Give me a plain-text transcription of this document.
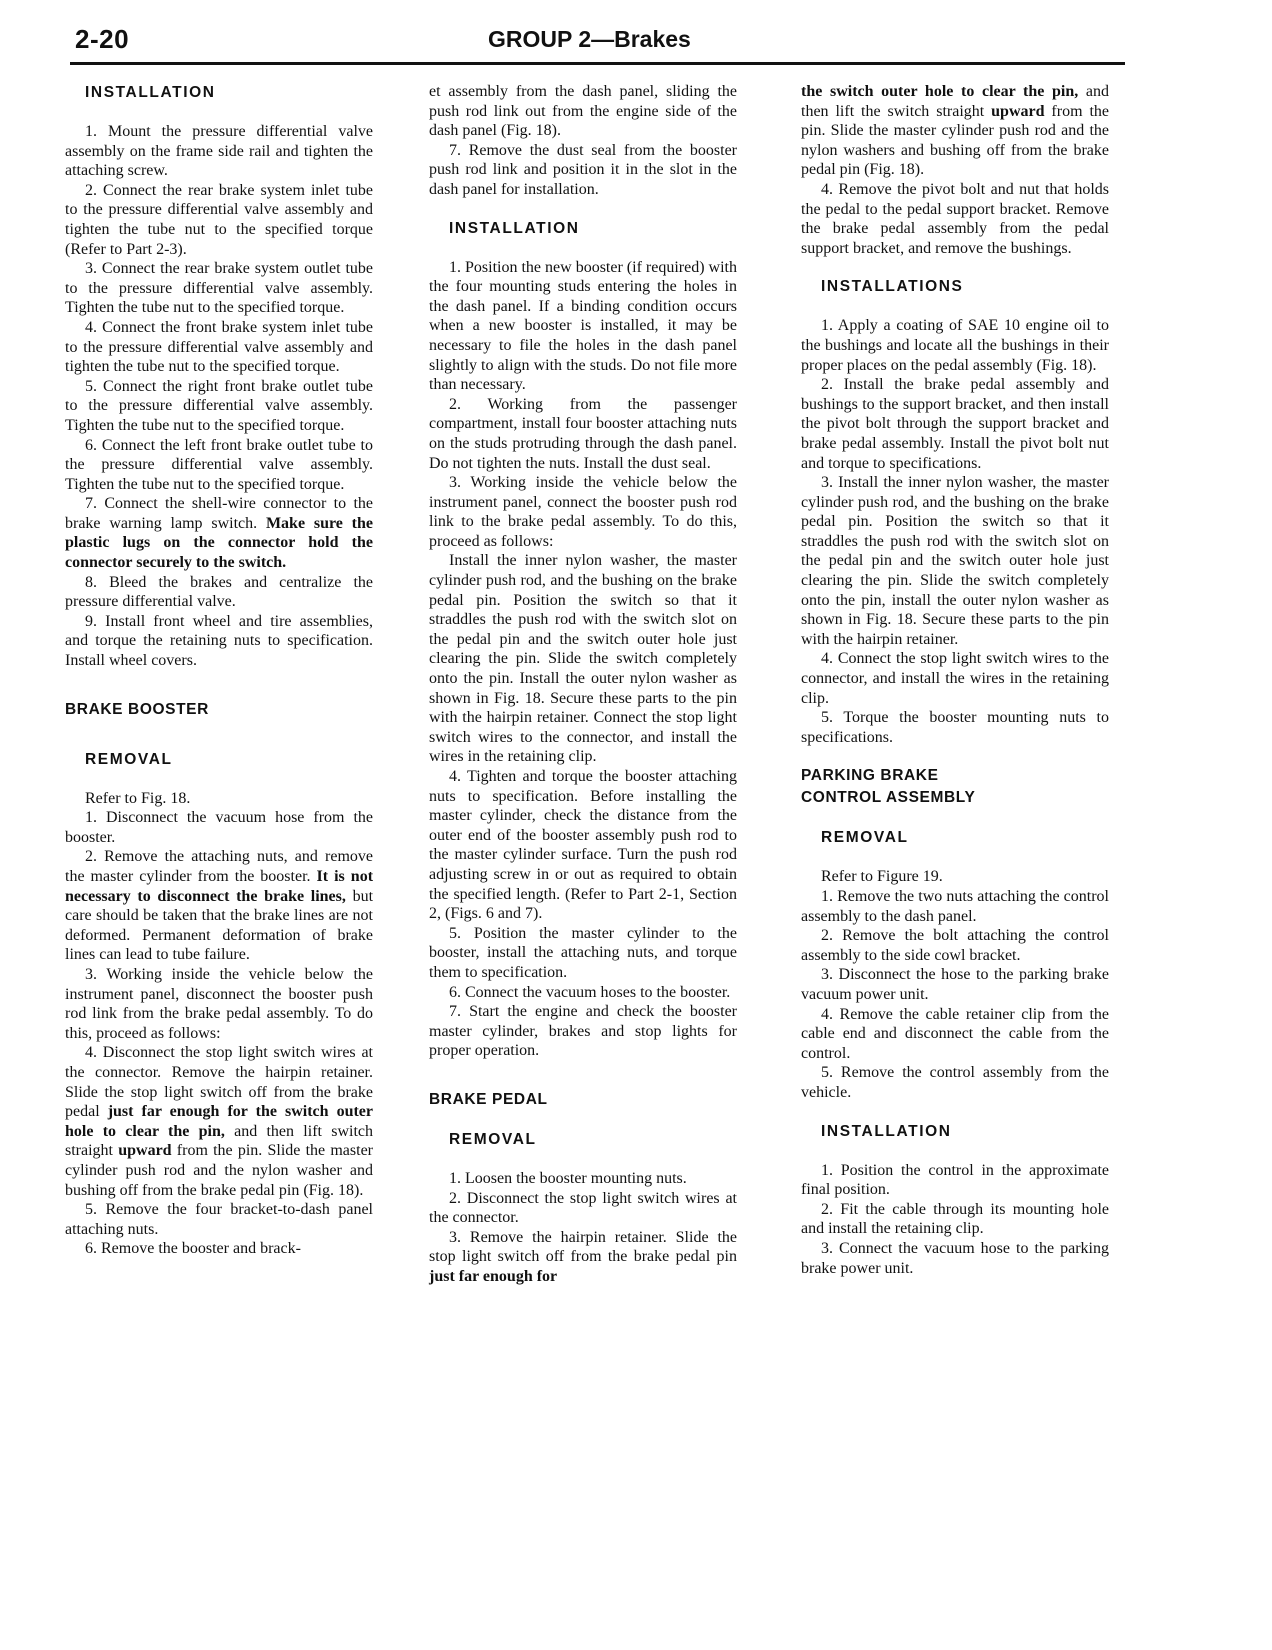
2-20	GROUP 2—Brakes
INSTALLATION

1. Mount the pressure differential valve assembly on the frame side rail and tighten the attaching screw.

2. Connect the rear brake system inlet tube to the pressure differential valve assembly and tighten the tube nut to the specified torque (Refer to Part 2-3).

3. Connect the rear brake system outlet tube to the pressure differential valve assembly. Tighten the tube nut to the specified torque.

4. Connect the front brake system inlet tube to the pressure differential valve assembly and tighten the tube nut to the specified torque.

5. Connect the right front brake outlet tube to the pressure differential valve assembly. Tighten the tube nut to the specified torque.

6. Connect the left front brake outlet tube to the pressure differential valve assembly. Tighten the tube nut to the specified torque.

7. Connect the shell-wire connector to the brake warning lamp switch. Make sure the plastic lugs on the connector hold the connector securely to the switch.

8. Bleed the brakes and centralize the pressure differential valve.

9. Install front wheel and tire assemblies, and torque the retaining nuts to specification. Install wheel covers.

BRAKE BOOSTER
REMOVAL

Refer to Fig. 18.

1. Disconnect the vacuum hose from the booster.

2. Remove the attaching nuts, and remove the master cylinder from the booster. It is not necessary to disconnect the brake lines, but care should be taken that the brake lines are not deformed. Permanent deformation of brake lines can lead to tube failure.

3. Working inside the vehicle below the instrument panel, disconnect the booster push rod link from the brake pedal assembly. To do this, proceed as follows:

4. Disconnect the stop light switch wires at the connector. Remove the hairpin retainer. Slide the stop light switch off from the brake pedal just far enough for the switch outer hole to clear the pin, and then lift switch straight upward from the pin. Slide the master cylinder push rod and the nylon washer and bushing off from the brake pedal pin (Fig. 18).

5. Remove the four bracket-to-dash panel attaching nuts.

6. Remove the booster and brack-

et assembly from the dash panel, sliding the push rod link out from the engine side of the dash panel (Fig. 18).

7. Remove the dust seal from the booster push rod link and position it in the slot in the dash panel for installation.

INSTALLATION

1. Position the new booster (if required) with the four mounting studs entering the holes in the dash panel. If a binding condition occurs when a new booster is installed, it may be necessary to file the holes in the dash panel slightly to align with the studs. Do not file more than necessary.

2. Working from the passenger compartment, install four booster attaching nuts on the studs protruding through the dash panel. Do not tighten the nuts. Install the dust seal.

3. Working inside the vehicle below the instrument panel, connect the booster push rod link to the brake pedal assembly. To do this, proceed as follows:

Install the inner nylon washer, the master cylinder push rod, and the bushing on the brake pedal pin. Position the switch so that it straddles the push rod with the switch slot on the pedal pin and the switch outer hole just clearing the pin. Slide the switch completely onto the pin. Install the outer nylon washer as shown in Fig. 18. Secure these parts to the pin with the hairpin retainer. Connect the stop light switch wires to the connector, and install the wires in the retaining clip.

4. Tighten and torque the booster attaching nuts to specification. Before installing the master cylinder, check the distance from the outer end of the booster assembly push rod to the master cylinder surface. Turn the push rod adjusting screw in or out as required to obtain the specified length. (Refer to Part 2-1, Section 2, (Figs. 6 and 7).

5. Position the master cylinder to the booster, install the attaching nuts, and torque them to specification.

6. Connect the vacuum hoses to the booster.

7. Start the engine and check the booster master cylinder, brakes and stop lights for proper operation.

BRAKE PEDAL
REMOVAL

1. Loosen the booster mounting nuts.

2. Disconnect the stop light switch wires at the connector.

3. Remove the hairpin retainer. Slide the stop light switch off from the brake pedal pin just far enough for

the switch outer hole to clear the pin, and then lift the switch straight upward from the pin. Slide the master cylinder push rod and the nylon washers and bushing off from the brake pedal pin (Fig. 18).

4. Remove the pivot bolt and nut that holds the pedal to the pedal support bracket. Remove the brake pedal assembly from the pedal support bracket, and remove the bushings.

INSTALLATIONS

1. Apply a coating of SAE 10 engine oil to the bushings and locate all the bushings in their proper places on the pedal assembly (Fig. 18).

2. Install the brake pedal assembly and bushings to the support bracket, and then install the pivot bolt through the support bracket and brake pedal assembly. Install the pivot bolt nut and torque to specifications.

3. Install the inner nylon washer, the master cylinder push rod, and the bushing on the brake pedal pin. Position the switch so that it straddles the push rod with the switch slot on the pedal pin and the switch outer hole just clearing the pin. Slide the switch completely onto the pin, install the outer nylon washer as shown in Fig. 18. Secure these parts to the pin with the hairpin retainer.

4. Connect the stop light switch wires to the connector, and install the wires in the retaining clip.

5. Torque the booster mounting nuts to specifications.

PARKING BRAKE
CONTROL ASSEMBLY
REMOVAL

Refer to Figure 19.

1. Remove the two nuts attaching the control assembly to the dash panel.

2. Remove the bolt attaching the control assembly to the side cowl bracket.

3. Disconnect the hose to the parking brake vacuum power unit.

4. Remove the cable retainer clip from the cable end and disconnect the cable from the control.

5. Remove the control assembly from the vehicle.

INSTALLATION

1. Position the control in the approximate final position.

2. Fit the cable through its mounting hole and install the retaining clip.

3. Connect the vacuum hose to the parking brake power unit.
